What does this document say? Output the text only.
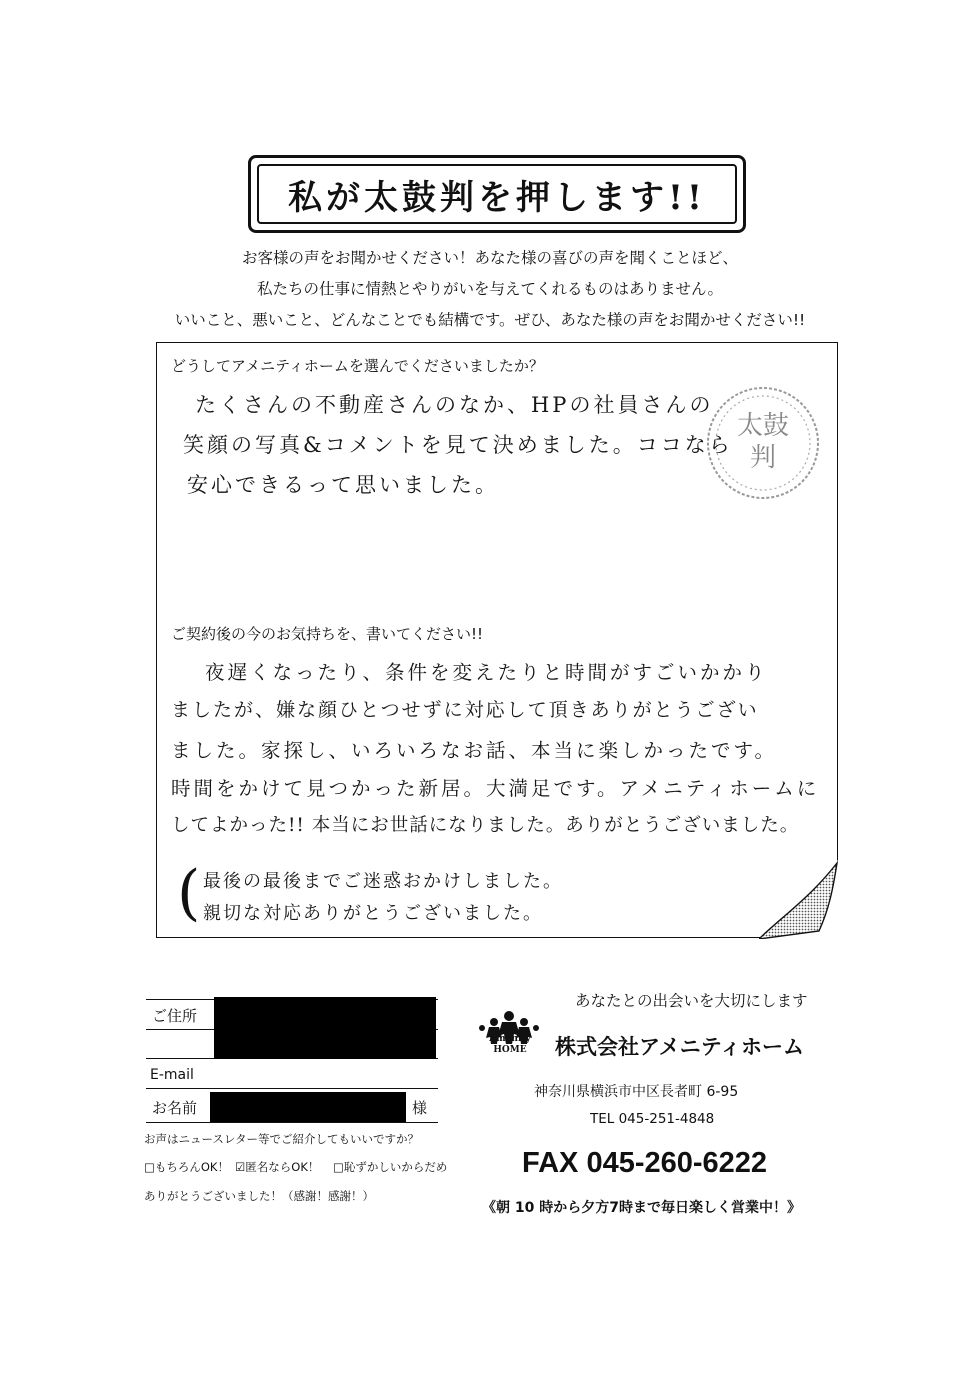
私が太鼓判を押します!!
お客様の声をお聞かせください！あなた様の喜びの声を聞くことほど、
私たちの仕事に情熱とやりがいを与えてくれるものはありません。
いいこと、悪いこと、どんなことでも結構です。ぜひ、あなた様の声をお聞かせください!!
どうしてアメニティホームを選んでくださいましたか？
たくさんの不動産さんのなか、HPの社員さんの
笑顔の写真&コメントを見て決めました。ココなら
安心できるって思いました。
ご契約後の今のお気持ちを、書いてください!!
夜遅くなったり、条件を変えたりと時間がすごいかかり
ましたが、嫌な顔ひとつせずに対応して頂きありがとうござい
ました。家探し、いろいろなお話、本当に楽しかったです。
時間をかけて見つかった新居。大満足です。アメニティホームに
してよかった!! 本当にお世話になりました。ありがとうございました。
( 最後の最後までご迷惑おかけしました。
親切な対応ありがとうございました。
太鼓
判
ご住所
E-mail
お名前	様
お声はニュースレター等でご紹介してもいいですか？
□もちろんOK！ ☑匿名ならOK！ □恥ずかしいからだめ
ありがとうございました！（感謝！感謝！）
あなたとの出会いを大切にします
Amenity
HOME	株式会社アメニティホーム
神奈川県横浜市中区長者町 6-95
TEL 045-251-4848
FAX 045-260-6222
《朝 10 時から夕方7時まで毎日楽しく営業中！》
